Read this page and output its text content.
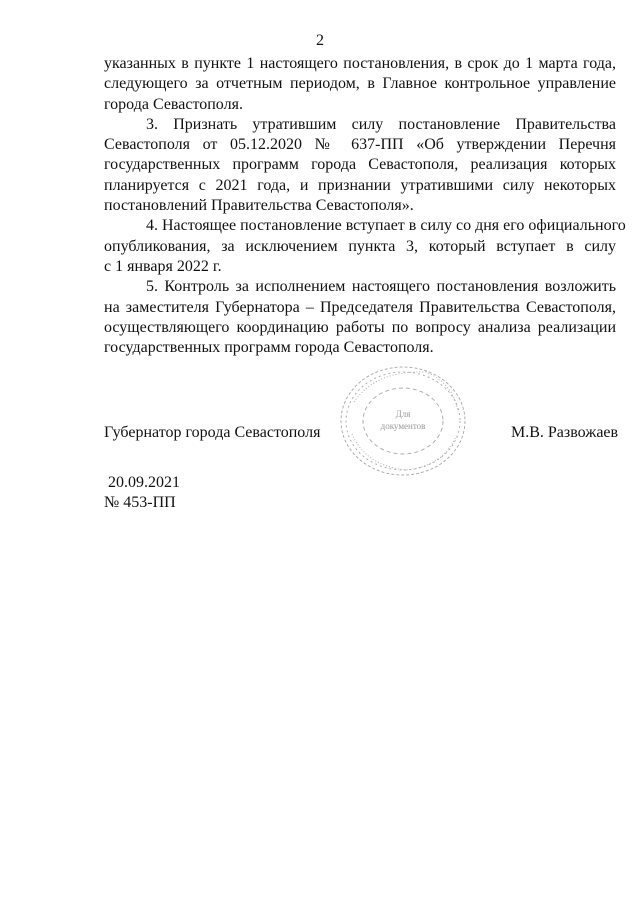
2
указанных в пункте 1 настоящего постановления, в срок до 1 марта года,
следующего за отчетным периодом, в Главное контрольное управление
города Севастополя.
3. Признать утратившим силу постановление Правительства
Севастополя от 05.12.2020 № 637-ПП «Об утверждении Перечня
государственных программ города Севастополя, реализация которых
планируется с 2021 года, и признании утратившими силу некоторых
постановлений Правительства Севастополя».
4. Настоящее постановление вступает в силу со дня его официального
опубликования, за исключением пункта 3, который вступает в силу
с 1 января 2022 г.
5. Контроль за исполнением настоящего постановления возложить
на заместителя Губернатора – Председателя Правительства Севастополя,
осуществляющего координацию работы по вопросу анализа реализации
государственных программ города Севастополя.
Для
документов
Губернатор города Севастополя	М.В. Развожаев
20.09.2021
№ 453-ПП
